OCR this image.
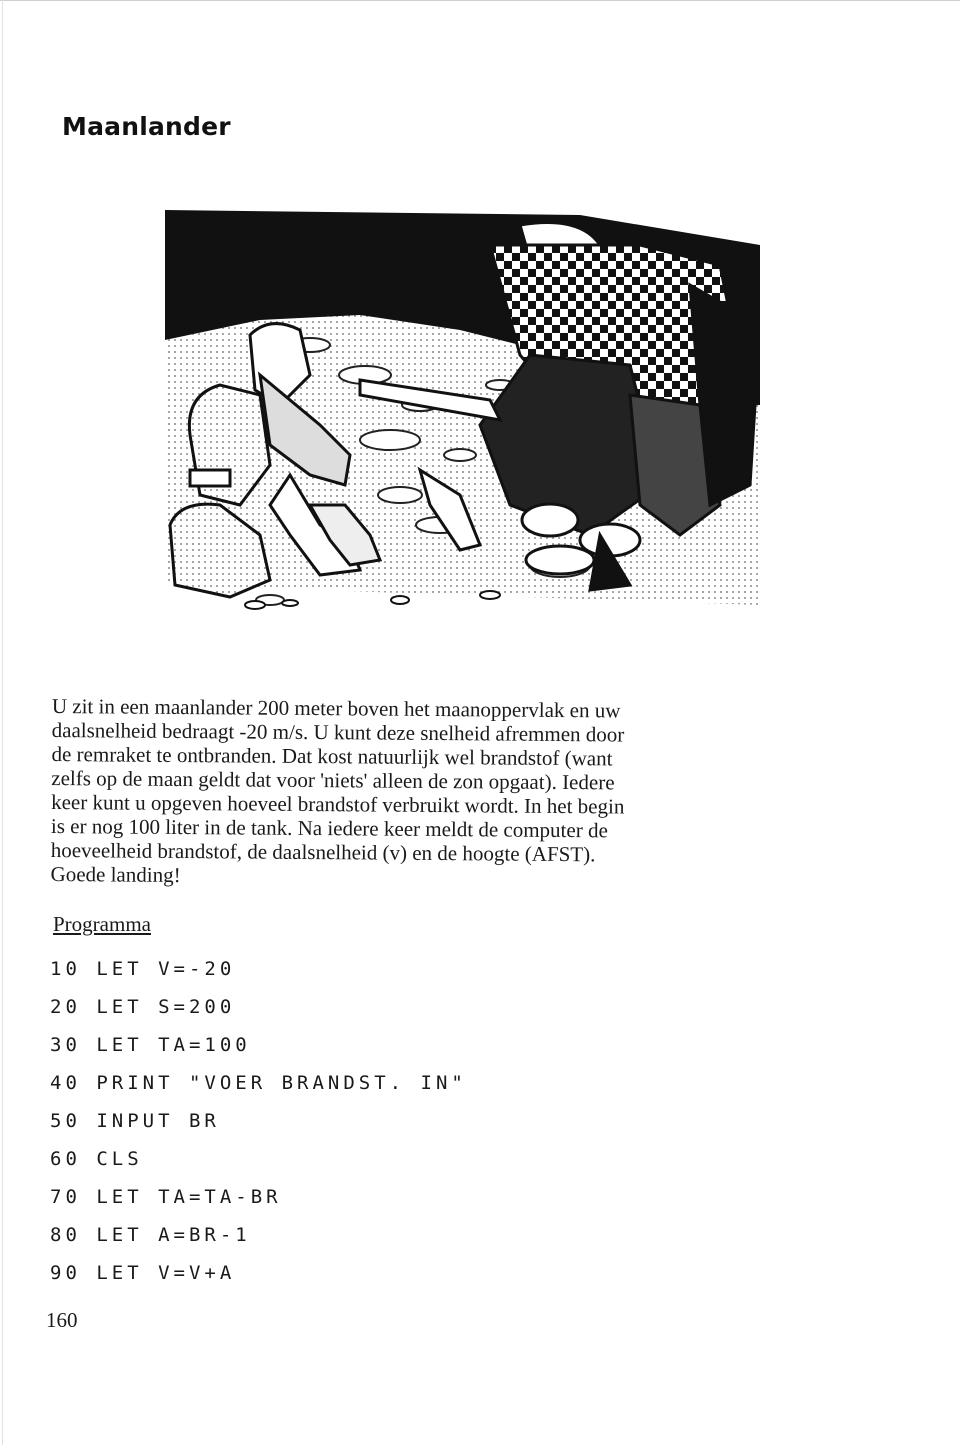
Maanlander
U zit in een maanlander 200 meter boven het maanoppervlak en uw
daalsnelheid bedraagt -20 m/s. U kunt deze snelheid afremmen door
de remraket te ontbranden. Dat kost natuurlijk wel brandstof (want
zelfs op de maan geldt dat voor 'niets' alleen de zon opgaat). Iedere
keer kunt u opgeven hoeveel brandstof verbruikt wordt. In het begin
is er nog 100 liter in de tank. Na iedere keer meldt de computer de
hoeveelheid brandstof, de daalsnelheid (v) en de hoogte (AFST).
Goede landing!
Programma
10 LET V=-20
20 LET S=200
30 LET TA=100
40 PRINT "VOER BRANDST. IN"
50 INPUT BR
60 CLS
70 LET TA=TA-BR
80 LET A=BR-1
90 LET V=V+A
160
